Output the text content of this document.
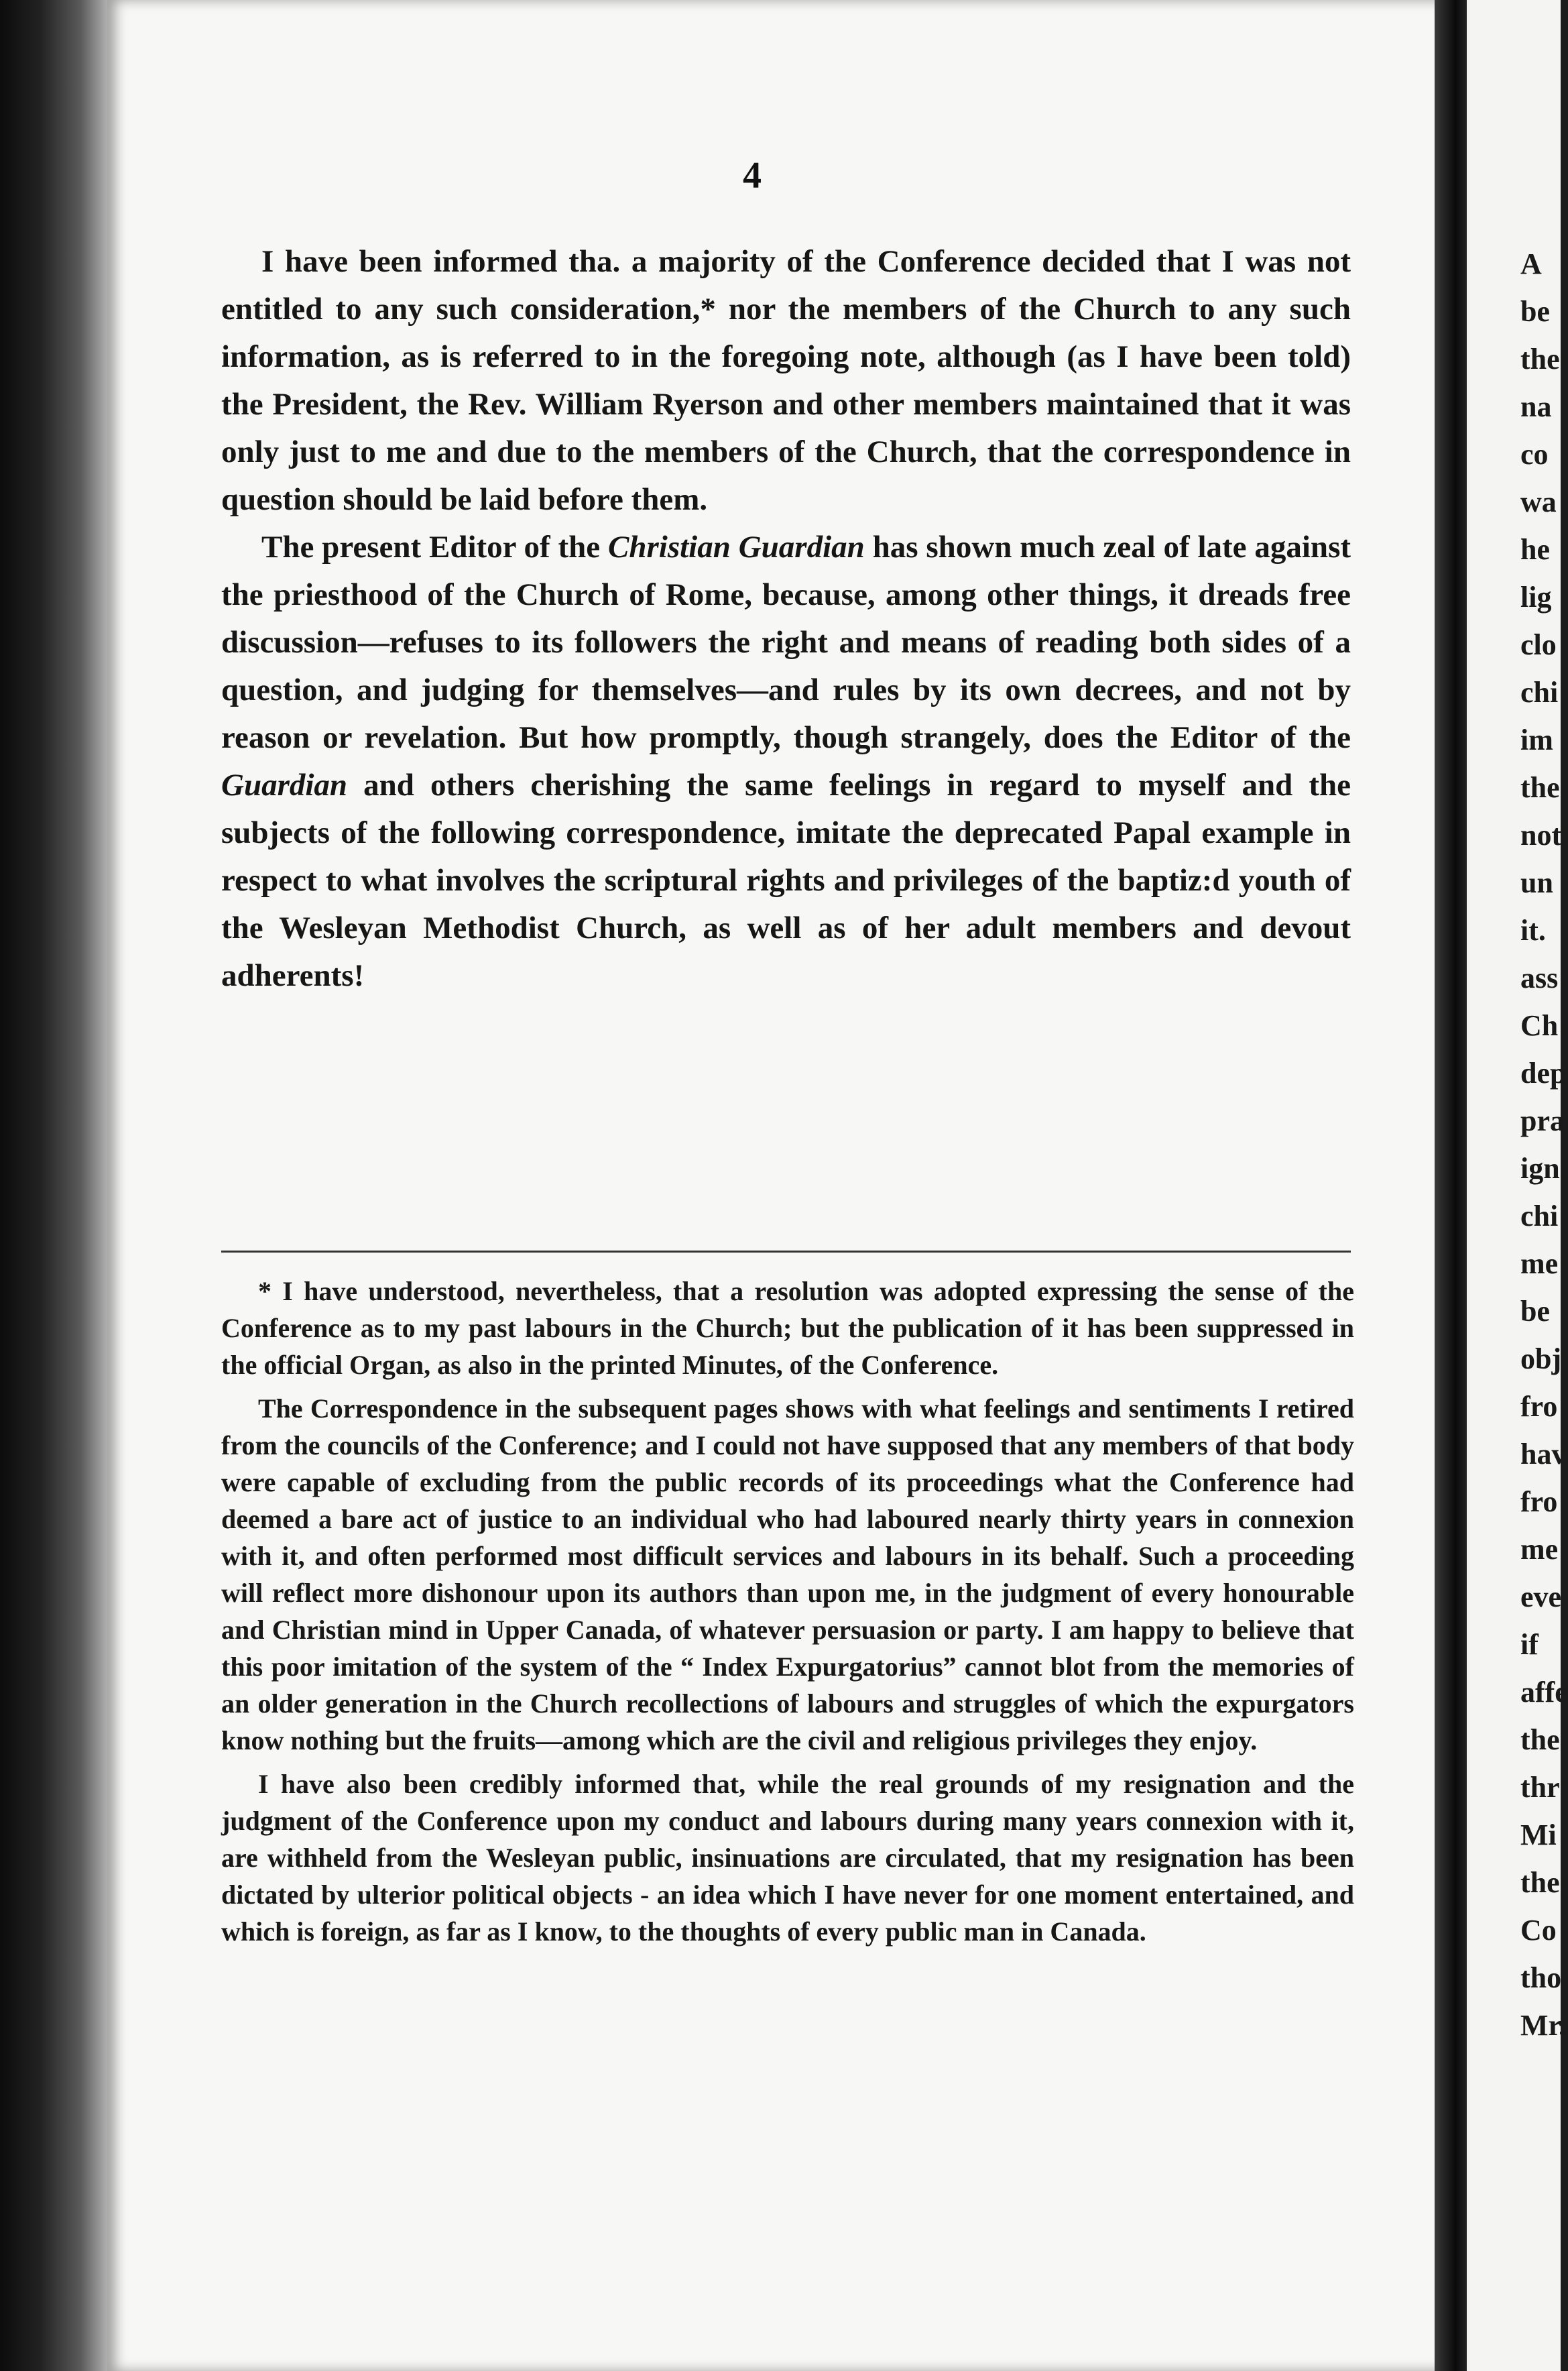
4

I have been informed tha. a majority of the Conference decided that I was not entitled to any such consideration,* nor the members of the Church to any such information, as is referred to in the foregoing note, although (as I have been told) the President, the Rev. William Ryerson and other members maintained that it was only just to me and due to the members of the Church, that the correspondence in question should be laid before them.

The present Editor of the Christian Guardian has shown much zeal of late against the priesthood of the Church of Rome, because, among other things, it dreads free discussion—refuses to its followers the right and means of reading both sides of a question, and judging for themselves—and rules by its own decrees, and not by reason or revelation. But how promptly, though strangely, does the Editor of the Guardian and others cherishing the same feelings in regard to myself and the subjects of the following correspondence, imitate the deprecated Papal example in respect to what involves the scriptural rights and privileges of the baptiz:d youth of the Wesleyan Methodist Church, as well as of her adult members and devout adherents!

* I have understood, nevertheless, that a resolution was adopted expressing the sense of the Conference as to my past labours in the Church; but the publication of it has been suppressed in the official Organ, as also in the printed Minutes, of the Conference.

The Correspondence in the subsequent pages shows with what feelings and sentiments I retired from the councils of the Conference; and I could not have supposed that any members of that body were capable of excluding from the public records of its proceedings what the Conference had deemed a bare act of justice to an individual who had laboured nearly thirty years in connexion with it, and often performed most difficult services and labours in its behalf. Such a proceeding will reflect more dishonour upon its authors than upon me, in the judgment of every honourable and Christian mind in Upper Canada, of whatever persuasion or party. I am happy to believe that this poor imitation of the system of the “ Index Expurgatorius” cannot blot from the memories of an older generation in the Church recollections of labours and struggles of which the expurgators know nothing but the fruits—among which are the civil and religious privileges they enjoy.

I have also been credibly informed that, while the real grounds of my resignation and the judgment of the Conference upon my conduct and labours during many years connexion with it, are withheld from the Wesleyan public, insinuations are circulated, that my resignation has been dictated by ulterior political objects - an idea which I have never for one moment entertained, and which is foreign, as far as I know, to the thoughts of every public man in Canada.

A
be
the
na
co
wa
he
lig
clo
chi
im
the
not
un
it.
ass
Ch
dep
pra
ign
chi
me
be
obj
fro
hav
fro
me
eve
if
affe
the
thr
Mi
the
Co
tho
Mr.
